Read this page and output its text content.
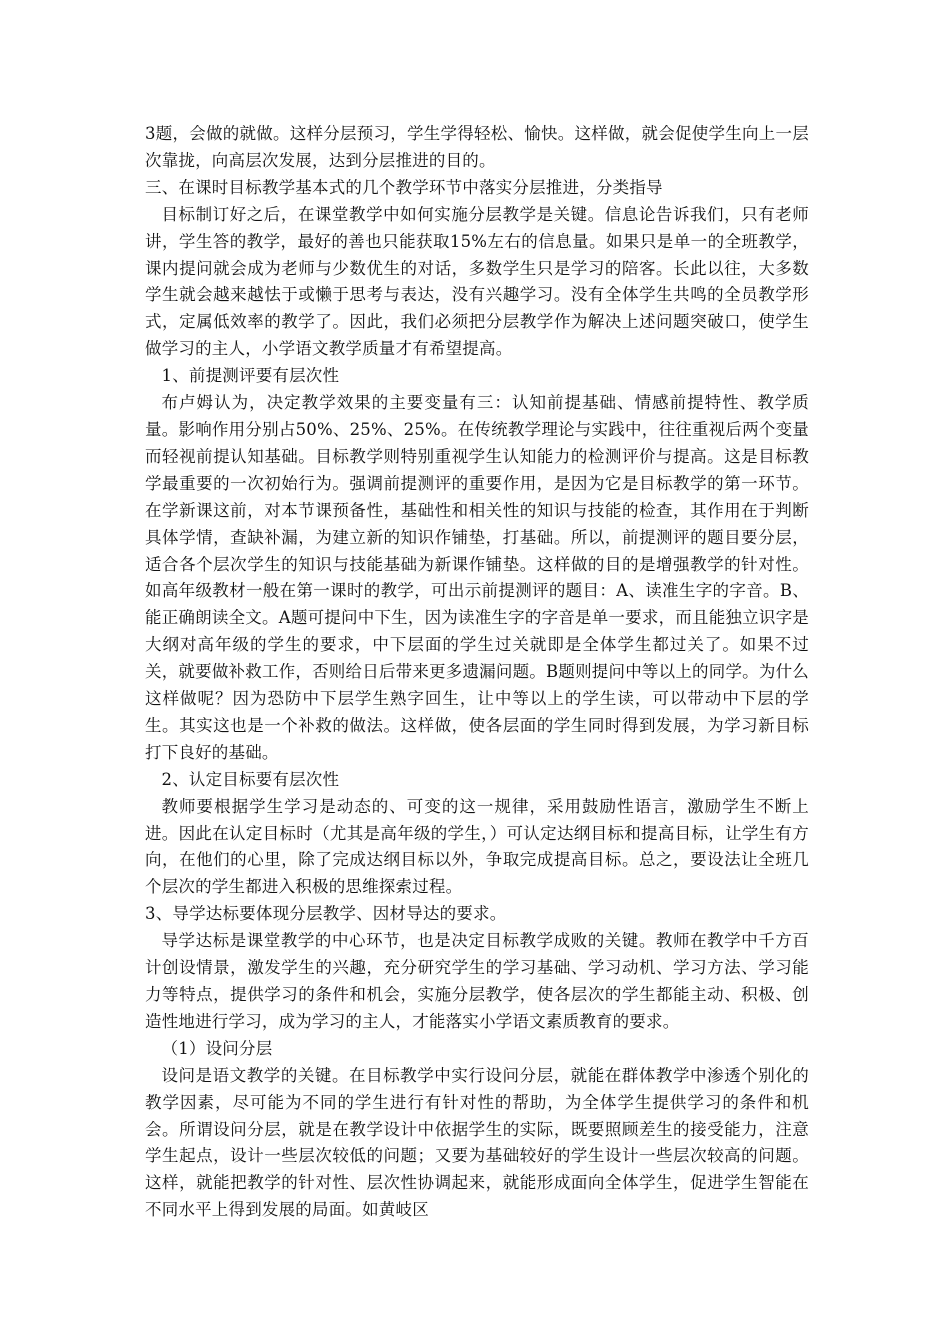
3题，会做的就做。这样分层预习，学生学得轻松、愉快。这样做，就会促使学生向上一层次靠拢，向高层次发展，达到分层推进的目的。

三、在课时目标教学基本式的几个教学环节中落实分层推进，分类指导

目标制订好之后，在课堂教学中如何实施分层教学是关键。信息论告诉我们，只有老师讲，学生答的教学，最好的善也只能获取15%左右的信息量。如果只是单一的全班教学，课内提问就会成为老师与少数优生的对话，多数学生只是学习的陪客。长此以往，大多数学生就会越来越怯于或懒于思考与表达，没有兴趣学习。没有全体学生共鸣的全员教学形式，定属低效率的教学了。因此，我们必须把分层教学作为解决上述问题突破口，使学生做学习的主人，小学语文教学质量才有希望提高。

1、前提测评要有层次性

布卢姆认为，决定教学效果的主要变量有三：认知前提基础、情感前提特性、教学质量。影响作用分别占50%、25%、25%。在传统教学理论与实践中，往往重视后两个变量而轻视前提认知基础。目标教学则特别重视学生认知能力的检测评价与提高。这是目标教学最重要的一次初始行为。强调前提测评的重要作用，是因为它是目标教学的第一环节。在学新课这前，对本节课预备性，基础性和相关性的知识与技能的检查，其作用在于判断具体学情，查缺补漏，为建立新的知识作铺垫，打基础。所以，前提测评的题目要分层，适合各个层次学生的知识与技能基础为新课作铺垫。这样做的目的是增强教学的针对性。如高年级教材一般在第一课时的教学，可出示前提测评的题目：A、读准生字的字音。B、能正确朗读全文。A题可提问中下生，因为读准生字的字音是单一要求，而且能独立识字是大纲对高年级的学生的要求，中下层面的学生过关就即是全体学生都过关了。如果不过关，就要做补救工作，否则给日后带来更多遗漏问题。B题则提问中等以上的同学。为什么这样做呢？因为恐防中下层学生熟字回生，让中等以上的学生读，可以带动中下层的学生。其实这也是一个补救的做法。这样做，使各层面的学生同时得到发展，为学习新目标打下良好的基础。

2、认定目标要有层次性

教师要根据学生学习是动态的、可变的这一规律，采用鼓励性语言，激励学生不断上进。因此在认定目标时（尤其是高年级的学生，）可认定达纲目标和提高目标，让学生有方向，在他们的心里，除了完成达纲目标以外，争取完成提高目标。总之，要设法让全班几个层次的学生都进入积极的思维探索过程。

3、导学达标要体现分层教学、因材导达的要求。

导学达标是课堂教学的中心环节，也是决定目标教学成败的关键。教师在教学中千方百计创设情景，激发学生的兴趣，充分研究学生的学习基础、学习动机、学习方法、学习能力等特点，提供学习的条件和机会，实施分层教学，使各层次的学生都能主动、积极、创造性地进行学习，成为学习的主人，才能落实小学语文素质教育的要求。

（1）设问分层

设问是语文教学的关键。在目标教学中实行设问分层，就能在群体教学中渗透个别化的教学因素，尽可能为不同的学生进行有针对性的帮助，为全体学生提供学习的条件和机会。所谓设问分层，就是在教学设计中依据学生的实际，既要照顾差生的接受能力，注意学生起点，设计一些层次较低的问题；又要为基础较好的学生设计一些层次较高的问题。这样，就能把教学的针对性、层次性协调起来，就能形成面向全体学生，促进学生智能在不同水平上得到发展的局面。如黄岐区
